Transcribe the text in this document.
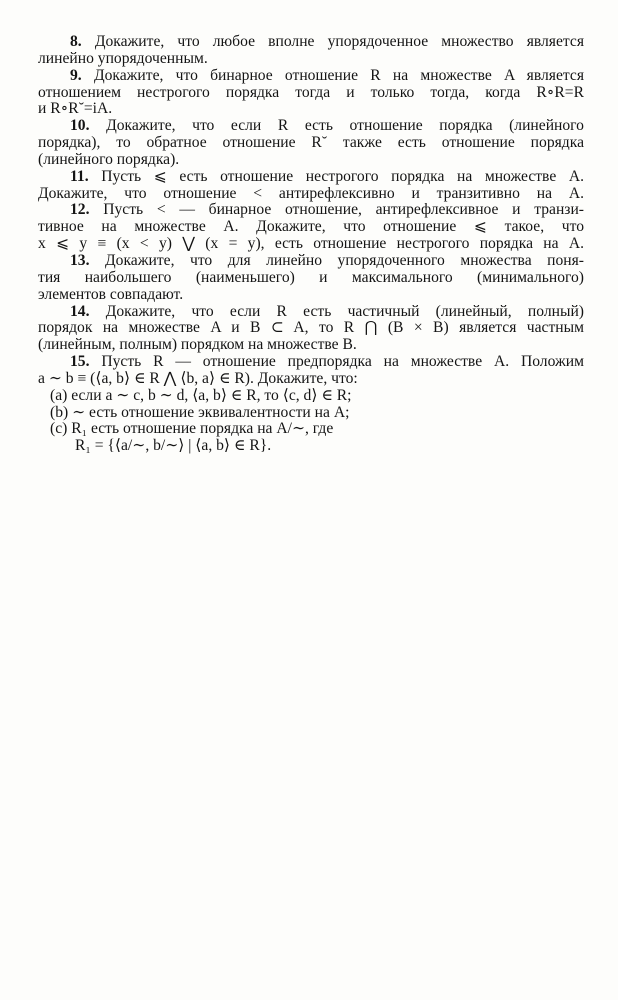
8. Докажите, что любое вполне упорядоченное множество является
линейно упорядоченным.
9. Докажите, что бинарное отношение R на множестве A является
отношением нестрогого порядка тогда и только тогда, когда R∘R=R
и R∘R˘=iA.
10. Докажите, что если R есть отношение порядка (линейного
порядка), то обратное отношение R˘ также есть отношение порядка
(линейного порядка).
11. Пусть ⩽ есть отношение нестрогого порядка на множестве A.
Докажите, что отношение < антирефлексивно и транзитивно на A.
12. Пусть < — бинарное отношение, антирефлексивное и транзи-
тивное на множестве A. Докажите, что отношение ⩽ такое, что
x ⩽ y ≡ (x < y) ⋁ (x = y), есть отношение нестрогого порядка на A.
13. Докажите, что для линейно упорядоченного множества поня-
тия наибольшего (наименьшего) и максимального (минимального)
элементов совпадают.
14. Докажите, что если R есть частичный (линейный, полный)
порядок на множестве A и B ⊂ A, то R ⋂ (B × B) является частным
(линейным, полным) порядком на множестве B.
15. Пусть R — отношение предпорядка на множестве A. Положим
a ∼ b ≡ (⟨a, b⟩ ∈ R ⋀ ⟨b, a⟩ ∈ R). Докажите, что:
(a) если a ∼ c, b ∼ d, ⟨a, b⟩ ∈ R, то ⟨c, d⟩ ∈ R;
(b) ∼ есть отношение эквивалентности на A;
(c) R₁ есть отношение порядка на A/∼, где
R₁ = {⟨a/∼, b/∼⟩ | ⟨a, b⟩ ∈ R}.
